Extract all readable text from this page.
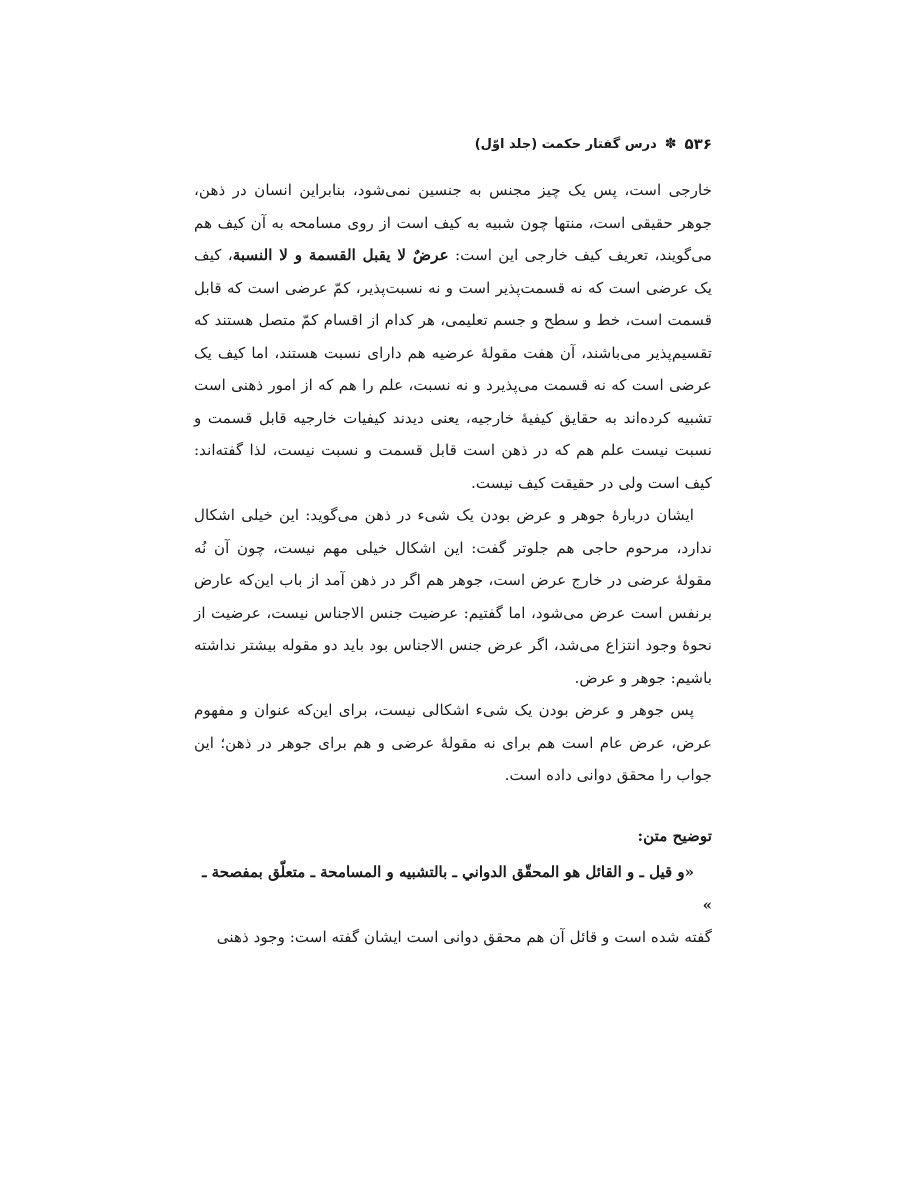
۵۳۶
✽
درس گفتار حکمت (جلد اوّل)

خارجی است، پس یک چیز مجنس به جنسین نمی‌شود، بنابراین انسان در ذهن، جوهر حقیقی است، منتها چون شبیه به کیف است از روی مسامحه به آن کیف هم می‌گویند، تعریف کیف خارجی این است: عرضٌ لا یقبل القسمة و لا النسبة، کیف یک عرضی است که نه قسمت‌پذیر است و نه نسبت‌پذیر، کمّ عرضی است که قابل قسمت است، خط و سطح و جسم تعلیمی، هر کدام از اقسام کمّ متصل هستند که تقسیم‌پذیر می‌باشند، آن هفت مقولۀ عرضیه هم دارای نسبت هستند، اما کیف یک عرضی است که نه قسمت می‌پذیرد و نه نسبت، علم را هم که از امور ذهنی است تشبیه کرده‌اند به حقایق کیفیۀ خارجیه، یعنی دیدند کیفیات خارجیه قابل قسمت و نسبت نیست علم هم که در ذهن است قابل قسمت و نسبت نیست، لذا گفته‌اند: کیف است ولی در حقیقت کیف نیست.

ایشان دربارۀ جوهر و عرض بودن یک شیء در ذهن می‌گوید: این خیلی اشکال ندارد، مرحوم حاجی هم جلوتر گفت: این اشکال خیلی مهم نیست، چون آن نُه مقولۀ عرضی در خارج عرض است، جوهر هم اگر در ذهن آمد از باب این‌که عارض برنفس است عرض می‌شود، اما گفتیم: عرضیت جنس الاجناس نیست، عرضیت از نحوۀ وجود انتزاع می‌شد، اگر عرض جنس الاجناس بود باید دو مقوله بیشتر نداشته باشیم: جوهر و عرض.

پس جوهر و عرض بودن یک شیء اشکالی نیست، برای این‌که عنوان و مفهوم عرض، عرض عام است هم برای نه مقولۀ عرضی و هم برای جوهر در ذهن؛ این جواب را محقق دوانی داده است.

توضیح متن:

«و قیل ـ و القائل هو المحقّق الدواني ـ بالتشبیه و المسامحة ـ متعلّق بمفصحة ـ »

گفته شده است و قائل آن هم محقق دوانی است ایشان گفته است: وجود ذهنی
